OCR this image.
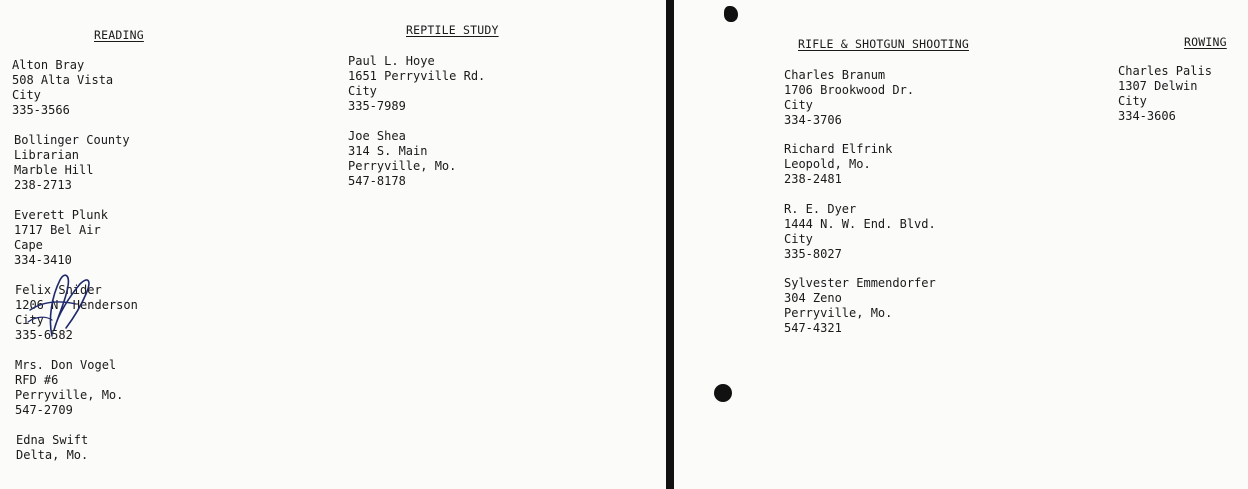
READING	REPTILE STUDY
Alton Bray
508 Alta Vista
City
335-3566
Bollinger County
Librarian
Marble Hill
238-2713
Everett Plunk
1717 Bel Air
Cape
334-3410
Felix Snider
1206 N. Henderson
City
335-6582
Mrs. Don Vogel
RFD #6
Perryville, Mo.
547-2709
Edna Swift
Delta, Mo.
Paul L. Hoye
1651 Perryville Rd.
City
335-7989
Joe Shea
314 S. Main
Perryville, Mo.
547-8178
RIFLE & SHOTGUN SHOOTING	ROWING
Charles Branum
1706 Brookwood Dr.
City
334-3706
Richard Elfrink
Leopold, Mo.
238-2481
R. E. Dyer
1444 N. W. End. Blvd.
City
335-8027
Sylvester Emmendorfer
304 Zeno
Perryville, Mo.
547-4321
Charles Palis
1307 Delwin
City
334-3606
